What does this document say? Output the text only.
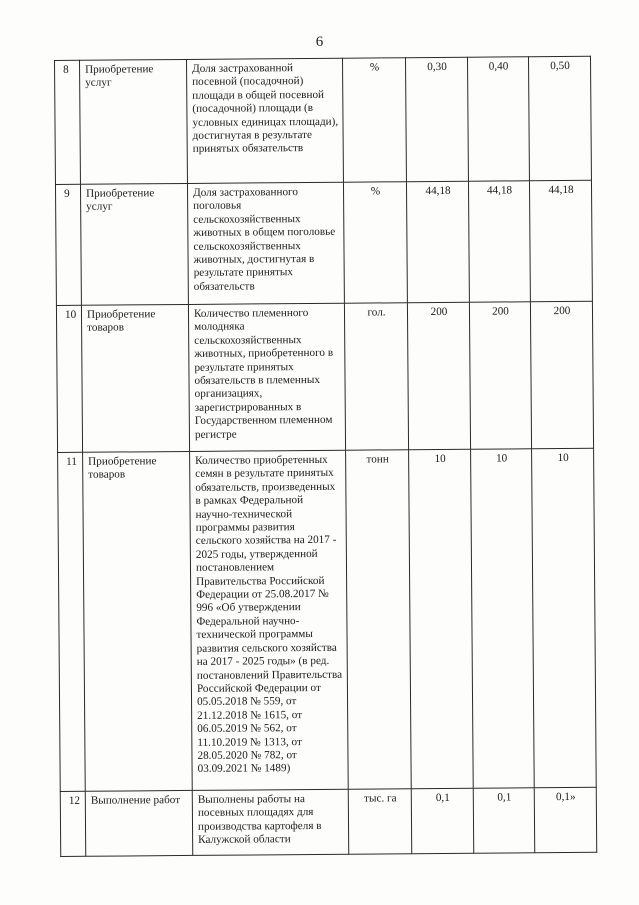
6
8	Приобретение услуг	Доля застрахованной посевной (посадочной) площади в общей посевной (посадочной) площади (в условных единицах площади), достигнутая в результате принятых обязательств	%	0,30	0,40	0,50
9	Приобретение услуг	Доля застрахованного поголовья сельскохозяйственных животных в общем поголовье сельскохозяйственных животных, достигнутая в результате принятых обязательств	%	44,18	44,18	44,18
10	Приобретение товаров	Количество племенного молодняка сельскохозяйственных животных, приобретенного в результате принятых обязательств в племенных организациях, зарегистрированных в Государственном племенном регистре	гол.	200	200	200
11	Приобретение товаров	Количество приобретенных семян в результате принятых обязательств, произведенных в рамках Федеральной научно-технической программы развития сельского хозяйства на 2017 - 2025 годы, утвержденной постановлением Правительства Российской Федерации от 25.08.2017 № 996 «Об утверждении Федеральной научно-технической программы развития сельского хозяйства на 2017 - 2025 годы» (в ред. постановлений Правительства Российской Федерации от 05.05.2018 № 559, от 21.12.2018 № 1615, от 06.05.2019 № 562, от 11.10.2019 № 1313, от 28.05.2020 № 782, от 03.09.2021 № 1489)	тонн	10	10	10
12	Выполнение работ	Выполнены работы на посевных площадях для производства картофеля в Калужской области	тыс. га	0,1	0,1	0,1»
